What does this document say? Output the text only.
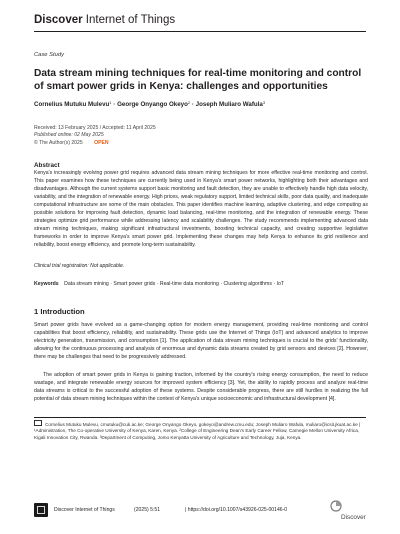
Discover Internet of Things
Case Study
Data stream mining techniques for real-time monitoring and control of smart power grids in Kenya: challenges and opportunities
Cornelius Mutuku Mulevu$^1$ · George Onyango Okeyo$^2$ · Joseph Muliaro Wafula$^3$
Received: 13 February 2025 / Accepted: 11 April 2025
Published online: 02 May 2025
© The Author(s) 2025 OPEN
Abstract
Kenya's increasingly evolving power grid requires advanced data stream mining techniques for more effective real-time monitoring and control. This paper examines how these techniques are currently being used in Kenya's smart power networks, highlighting both their advantages and disadvantages. Although the current systems support basic monitoring and fault detection, they are unable to effectively handle high data velocity, variability, and the integration of renewable energy. High prices, weak regulatory support, limited technical skills, poor data quality, and inadequate computational infrastructure are some of the main obstacles. This paper identifies machine learning, adaptive clustering, and edge computing as possible solutions for improving fault detection, dynamic load balancing, real-time monitoring, and the integration of renewable energy. These strategies optimize grid performance while addressing latency and scalability challenges. The study recommends implementing advanced data stream mining techniques, making significant infrastructural investments, boosting technical capacity, and creating supportive legislative frameworks in order to improve Kenya's smart power grid. Implementing these changes may help Kenya to enhance its grid resilience and reliability, boost energy efficiency, and promote long-term sustainability.
Clinical trial registration: Not applicable.
Keywords Data stream mining · Smart power grids · Real-time data monitoring · Clustering algorithms · IoT
1 Introduction
Smart power grids have evolved as a game-changing option for modern energy management, providing real-time monitoring and control capabilities that boost efficiency, reliability, and sustainability. These grids use the Internet of Things (IoT) and advanced analytics to improve electricity generation, transmission, and consumption [1]. The application of data stream mining techniques is crucial to the grids' functionality, allowing for the continuous processing and analysis of enormous and dynamic data streams created by grid sensors and devices [2]. However, there may be challenges that need to be progressively addressed.
The adoption of smart power grids in Kenya is gaining traction, informed by the country's rising energy consumption, the need to reduce wastage, and integrate renewable energy sources for improved system efficiency [3]. Yet, the ability to rapidly process and analyze real-time data streams is critical to the successful adoption of these systems. Despite considerable progress, there are still hurdles in realizing the full potential of data stream mining techniques within the context of Kenya's unique socioeconomic and infrastructural development [4].
Cornelius Mutuku Mulevu, cmutuku@cuk.ac.ke; George Onyango Okeyo, gokeyo@andrew.cmu.edu; Joseph Muliaro Wafula, muliaro@icsit.jkuat.ac.ke | ¹Administration, The Co-operative University of Kenya, Karen, Kenya. ²College of Engineering Dean's Early Career Fellow, Carnegie Mellon University Africa, Kigali Innovation City, Rwanda. ³Department of Computing, Jomo Kenyatta University of Agriculture and Technology, Juja, Kenya.
Discover Internet of Things	(2025) 5:51	| https://doi.org/10.1007/s43926-025-00146-0
Discover
